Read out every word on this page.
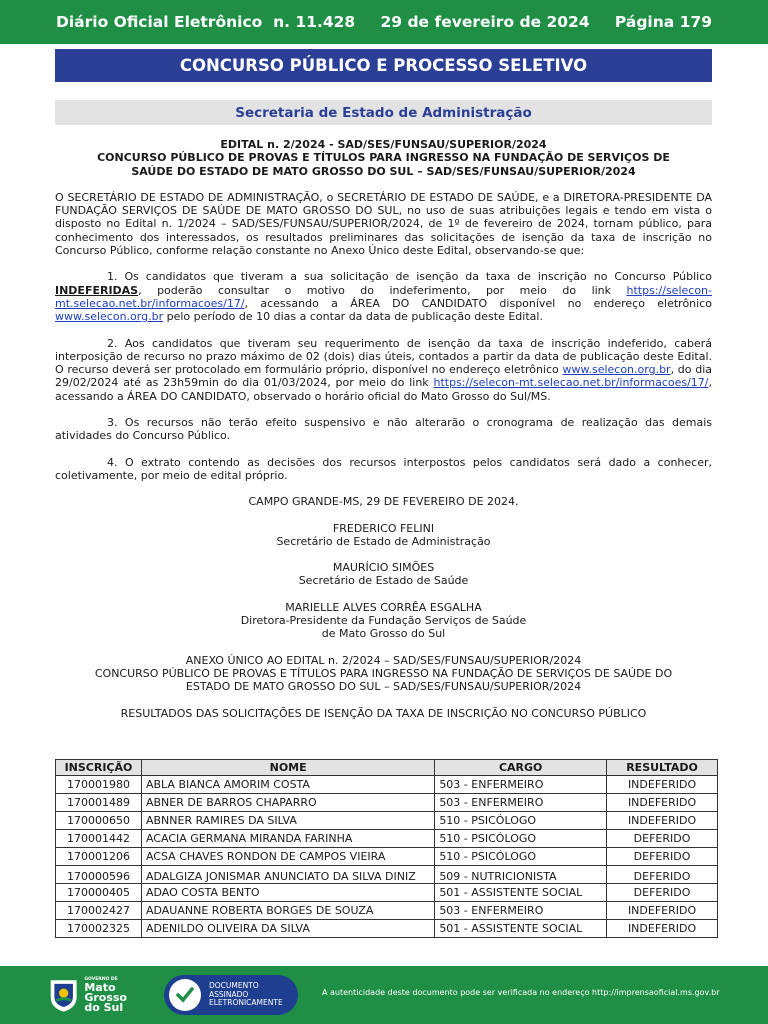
Diário Oficial Eletrônico  n. 11.428 29 de fevereiro de 2024 Página 179
CONCURSO PÚBLICO E PROCESSO SELETIVO
Secretaria de Estado de Administração

EDITAL n. 2/2024 - SAD/SES/FUNSAU/SUPERIOR/2024

CONCURSO PÚBLICO DE PROVAS E TÍTULOS PARA INGRESSO NA FUNDAÇÃO DE SERVIÇOS DE

SAÚDE DO ESTADO DE MATO GROSSO DO SUL – SAD/SES/FUNSAU/SUPERIOR/2024

O SECRETÁRIO DE ESTADO DE ADMINISTRAÇÃO, o SECRETÁRIO DE ESTADO DE SAÚDE, e a DIRETORA-PRESIDENTE DA FUNDAÇÃO SERVIÇOS DE SAÚDE DE MATO GROSSO DO SUL, no uso de suas atribuições legais e tendo em vista o disposto no Edital n. 1/2024 – SAD/SES/FUNSAU/SUPERIOR/2024, de 1º de fevereiro de 2024, tornam público, para conhecimento dos interessados, os resultados preliminares das solicitações de isenção da taxa de inscrição no Concurso Público, conforme relação constante no Anexo Único deste Edital, observando-se que:

1. Os candidatos que tiveram a sua solicitação de isenção da taxa de inscrição no Concurso Público INDEFERIDAS, poderão consultar o motivo do indeferimento, por meio do link https://selecon-mt.selecao.net.br/informacoes/17/, acessando a ÁREA DO CANDIDATO disponível no endereço eletrônico www.selecon.org.br pelo período de 10 dias a contar da data de publicação deste Edital.

2. Aos candidatos que tiveram seu requerimento de isenção da taxa de inscrição indeferido, caberá interposição de recurso no prazo máximo de 02 (dois) dias úteis, contados a partir da data de publicação deste Edital. O recurso deverá ser protocolado em formulário próprio, disponível no endereço eletrônico www.selecon.org.br, do dia 29/02/2024 até as 23h59min do dia 01/03/2024, por meio do link https://selecon-mt.selecao.net.br/informacoes/17/, acessando a ÁREA DO CANDIDATO, observado o horário oficial do Mato Grosso do Sul/MS.

3. Os recursos não terão efeito suspensivo e não alterarão o cronograma de realização das demais atividades do Concurso Público.

4. O extrato contendo as decisões dos recursos interpostos pelos candidatos será dado a conhecer, coletivamente, por meio de edital próprio.

CAMPO GRANDE-MS, 29 DE FEVEREIRO DE 2024.

FREDERICO FELINI

Secretário de Estado de Administração

MAURÍCIO SIMÕES

Secretário de Estado de Saúde

MARIELLE ALVES CORRÊA ESGALHA

Diretora-Presidente da Fundação Serviços de Saúde

de Mato Grosso do Sul

ANEXO ÚNICO AO EDITAL n. 2/2024 – SAD/SES/FUNSAU/SUPERIOR/2024

CONCURSO PÚBLICO DE PROVAS E TÍTULOS PARA INGRESSO NA FUNDAÇÃO DE SERVIÇOS DE SAÚDE DO

ESTADO DE MATO GROSSO DO SUL – SAD/SES/FUNSAU/SUPERIOR/2024

RESULTADOS DAS SOLICITAÇÕES DE ISENÇÃO DA TAXA DE INSCRIÇÃO NO CONCURSO PÚBLICO

INSCRIÇÃO	NOME	CARGO	RESULTADO
170001980	ABLA BIANCA AMORIM COSTA	503 - ENFERMEIRO	INDEFERIDO
170001489	ABNER DE BARROS CHAPARRO	503 - ENFERMEIRO	INDEFERIDO
170000650	ABNNER RAMIRES DA SILVA	510 - PSICÓLOGO	INDEFERIDO
170001442	ACACIA GERMANA MIRANDA FARINHA	510 - PSICÓLOGO	DEFERIDO
170001206	ACSA CHAVES RONDON DE CAMPOS VIEIRA	510 - PSICÓLOGO	DEFERIDO
170000596	ADALGIZA JONISMAR ANUNCIATO DA SILVA DINIZ	509 - NUTRICIONISTA	DEFERIDO
170000405	ADAO COSTA BENTO	501 - ASSISTENTE SOCIAL	DEFERIDO
170002427	ADAUANNE ROBERTA BORGES DE SOUZA	503 - ENFERMEIRO	INDEFERIDO
170002325	ADENILDO OLIVEIRA DA SILVA	501 - ASSISTENTE SOCIAL	INDEFERIDO
GOVERNO DE
Mato
Grosso
do Sul
DOCUMENTO
ASSINADO
ELETRONICAMENTE
A autenticidade deste documento pode ser verificada no endereço http://imprensaoficial.ms.gov.br
